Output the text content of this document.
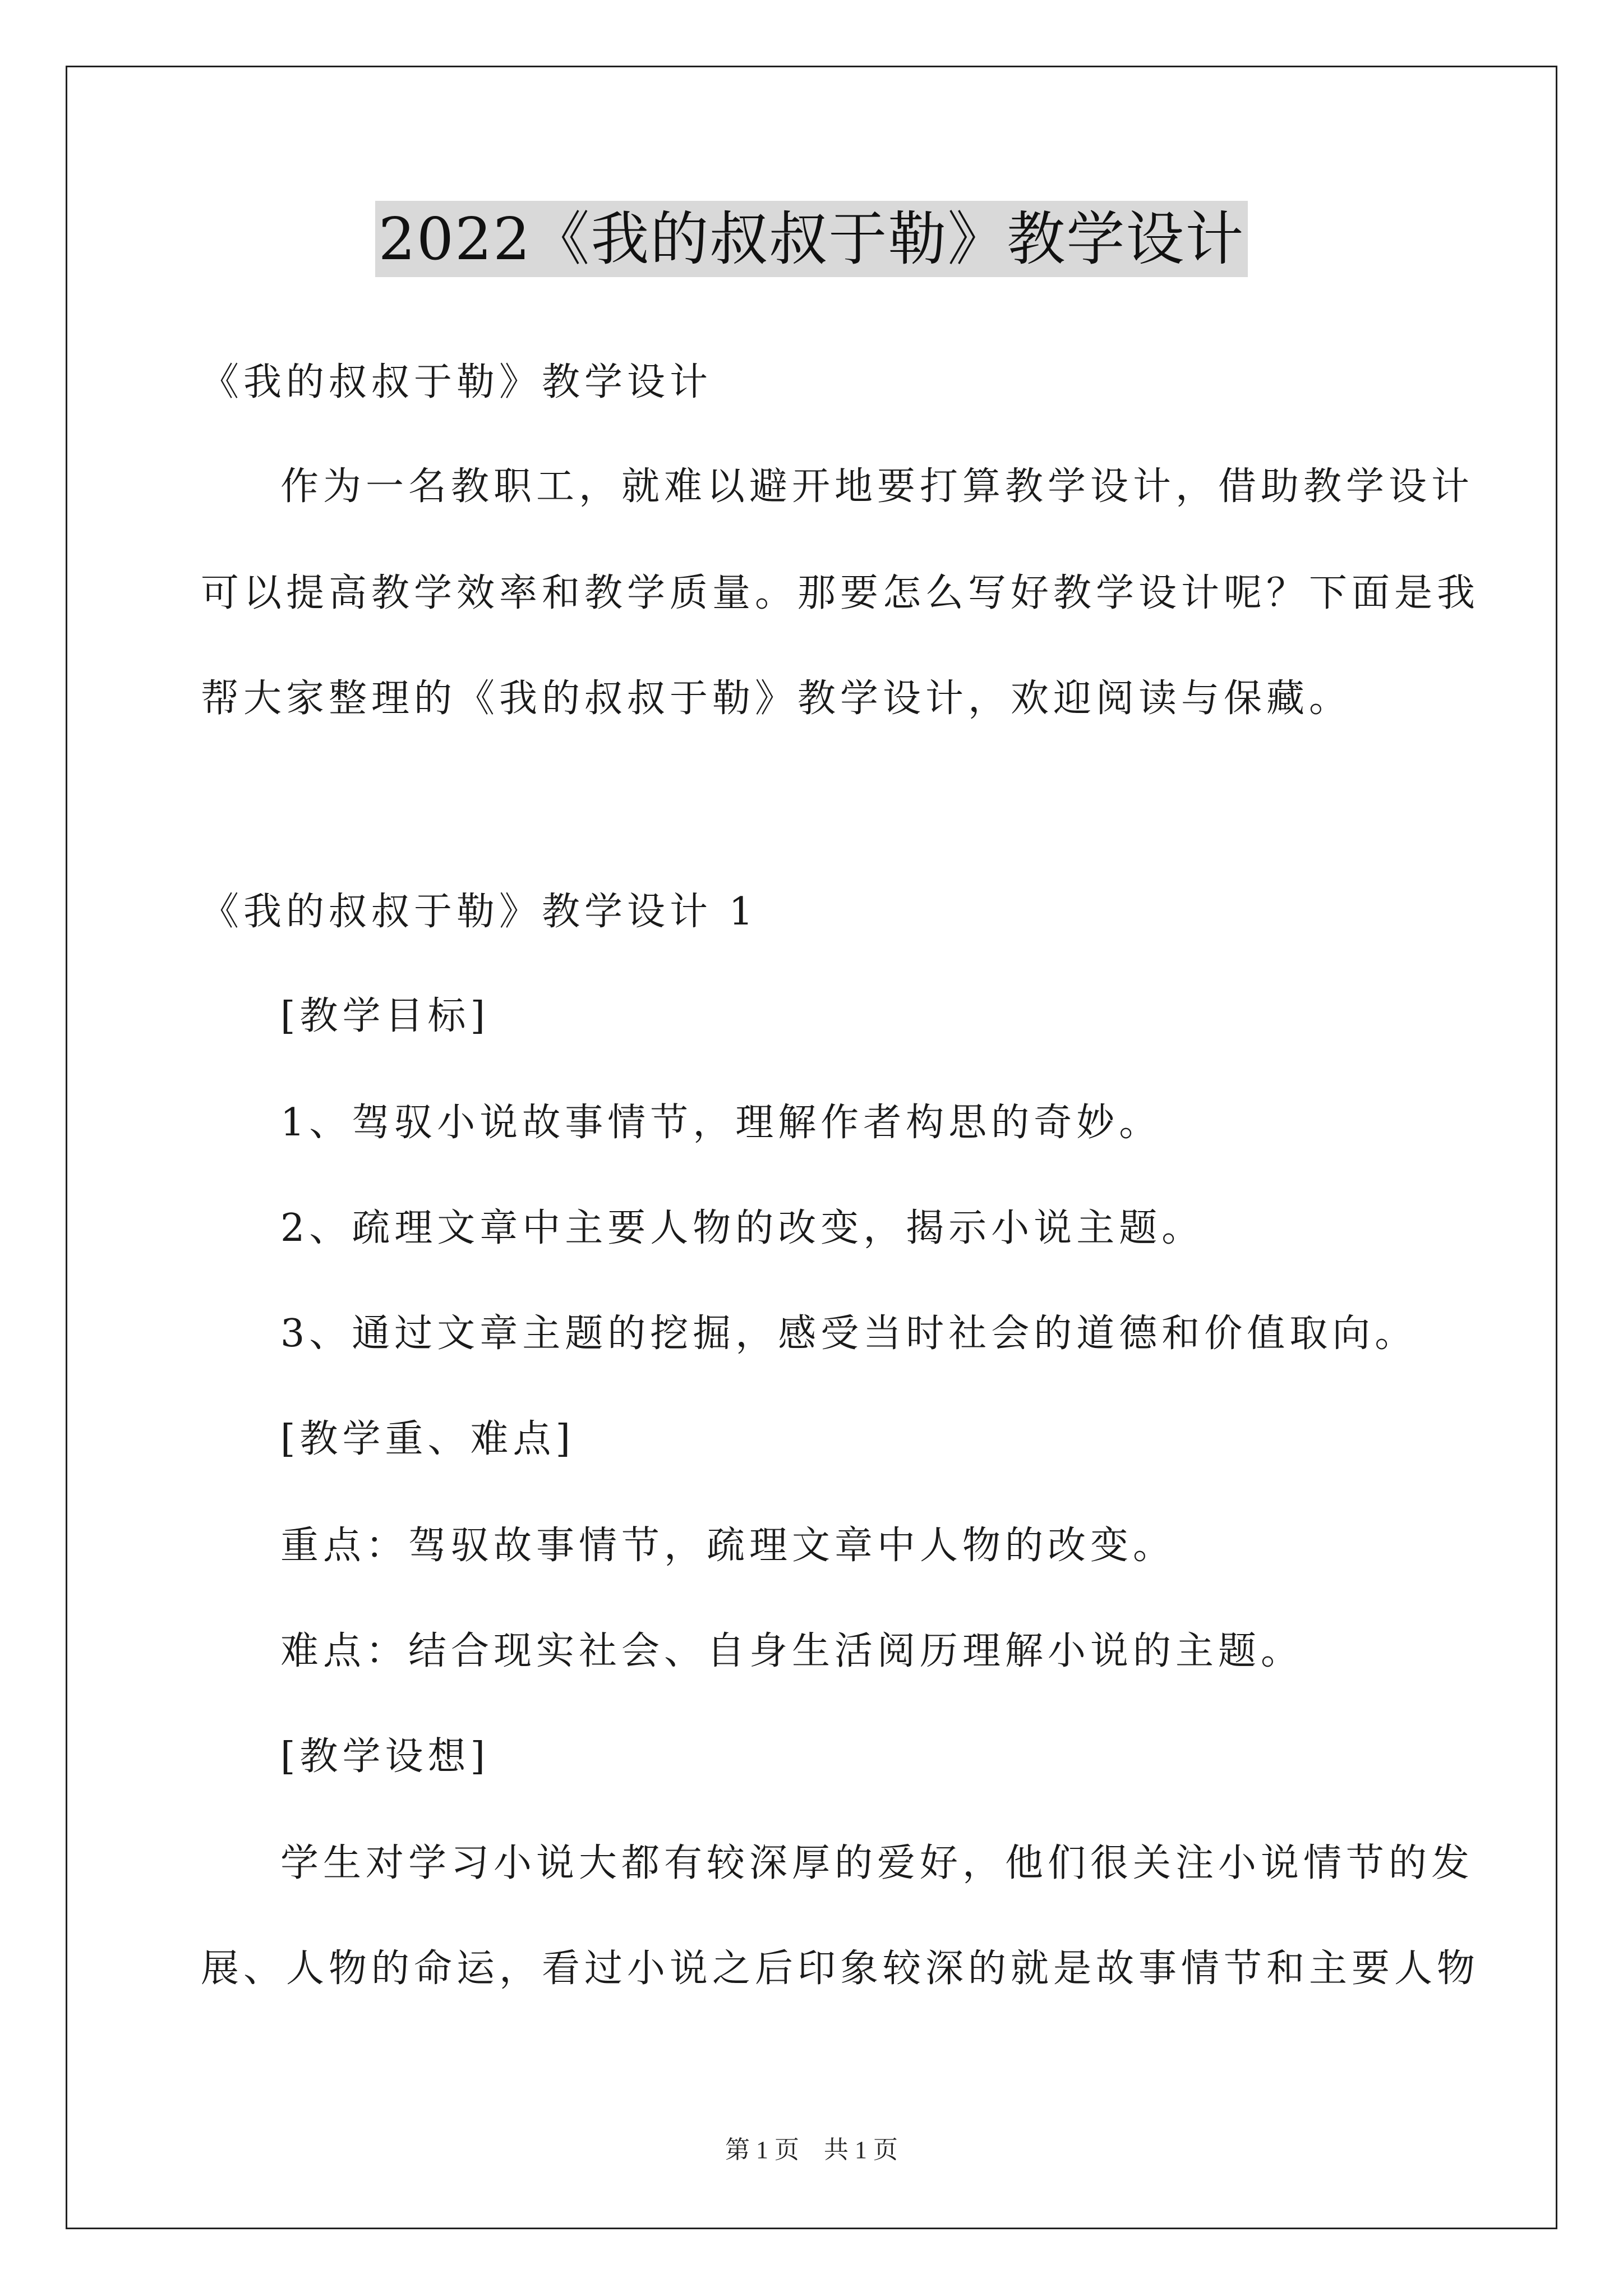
2022《我的叔叔于勒》教学设计
《我的叔叔于勒》教学设计
作为一名教职工，就难以避开地要打算教学设计，借助教学设计
可以提高教学效率和教学质量。那要怎么写好教学设计呢？下面是我
帮大家整理的《我的叔叔于勒》教学设计，欢迎阅读与保藏。
《我的叔叔于勒》教学设计 1
[教学目标]
1、驾驭小说故事情节，理解作者构思的奇妙。
2、疏理文章中主要人物的改变，揭示小说主题。
3、通过文章主题的挖掘，感受当时社会的道德和价值取向。
[教学重、难点]
重点：驾驭故事情节，疏理文章中人物的改变。
难点：结合现实社会、自身生活阅历理解小说的主题。
[教学设想]
学生对学习小说大都有较深厚的爱好，他们很关注小说情节的发
展、人物的命运，看过小说之后印象较深的就是故事情节和主要人物
第 1 页　共 1 页
